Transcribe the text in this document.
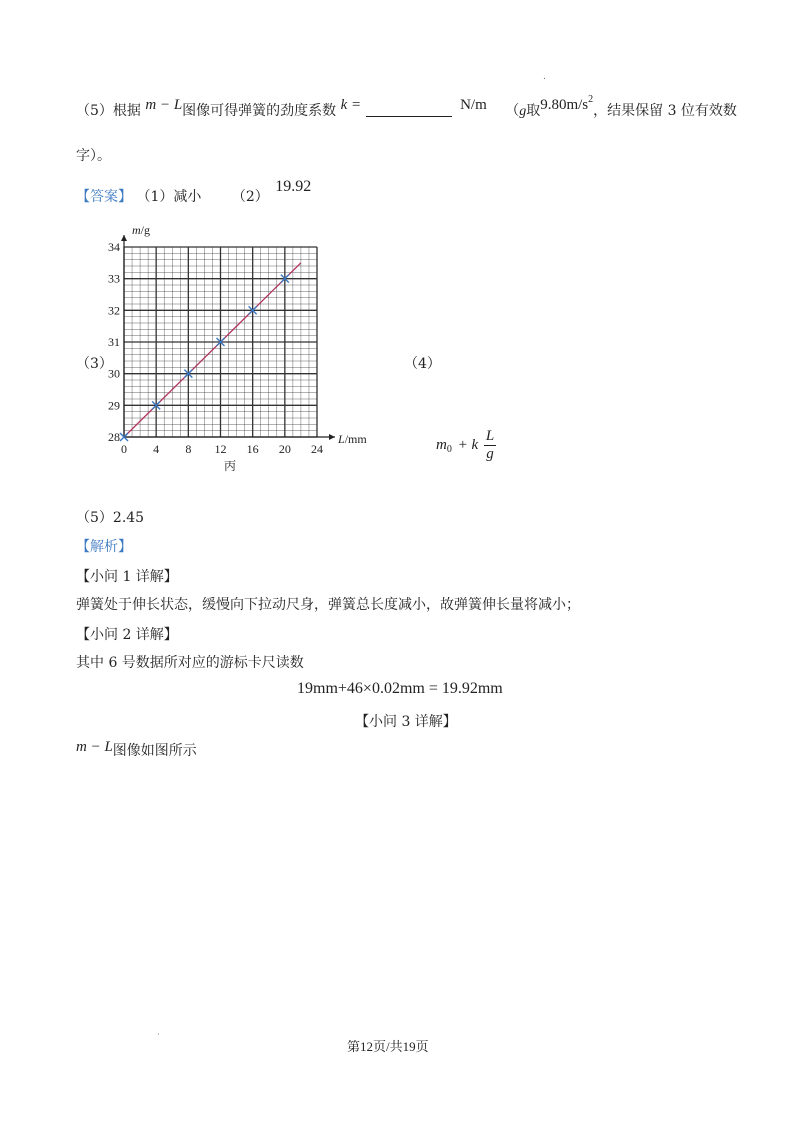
.
（5）根据 m − L图像可得弹簧的劲度系数 k =	N/m （g取$9.80m/s^2$，结果保留 3 位有效数
字）。
【答案】 （1）减小 （2） 19.92
0 4 8 12 16 20 24
28
29
30
31
32
33
34
m/g
L/mm
丙
（3）	（4）
$m_0 + k \frac{L}{g}$
（5）2.45
【解析】
【小问 1 详解】
弹簧处于伸长状态，缓慢向下拉动尺身，弹簧总长度减小，故弹簧伸长量将减小；
【小问 2 详解】
其中 6 号数据所对应的游标卡尺读数
19mm+46×0.02mm = 19.92mm
【小问 3 详解】
m − L图像如图所示
·
第12页/共19页
